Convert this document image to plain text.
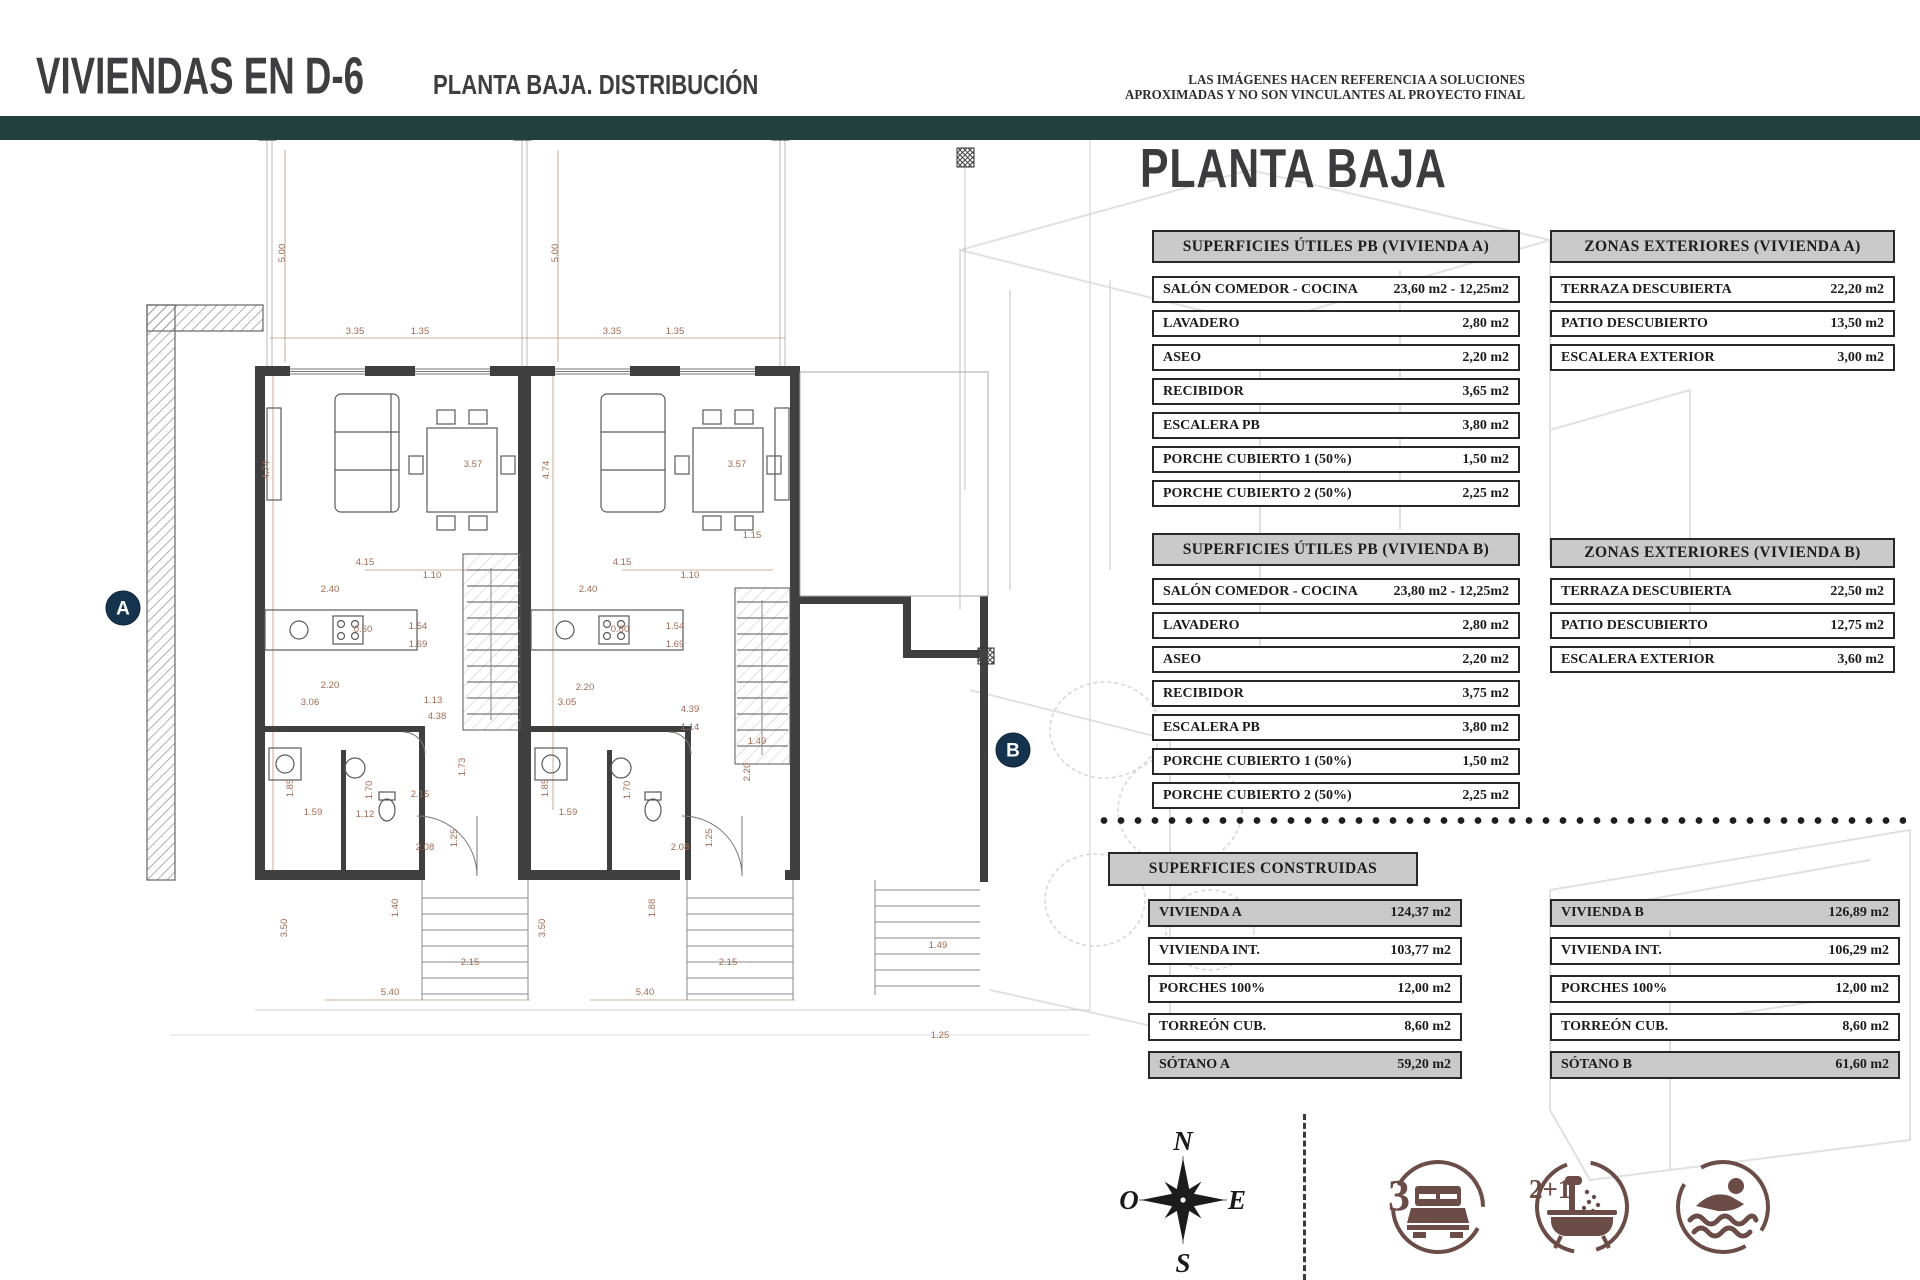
5.00
3.35	1.35
4.74	3.57
4.15
1.10
2.40
0.60	1.54
1.69
2.20
3.06	1.13
4.38
1.73
1.85	1.70	2.15
1.59	1.12
2.08
1.25
1.40
3.50
2.15
5.40
5.00
3.35	1.35
4.74	3.57
1.15
4.15
1.10
2.40
0.60	1.54
1.69
2.20
3.05
4.39
1.14
1.49
2.20
1.85	1.70
1.59
2.08
1.25
1.88
3.50
2.15
5.40
1.49
1.25
A
B
VIVIENDAS EN D-6	PLANTA BAJA. DISTRIBUCIÓN	LAS IMÁGENES HACEN REFERENCIA A SOLUCIONES
APROXIMADAS Y NO SON VINCULANTES AL PROYECTO FINAL
PLANTA BAJA
SUPERFICIES ÚTILES PB (VIVIENDA A)
SALÓN COMEDOR - COCINA	23,60 m2 - 12,25m2
LAVADERO	2,80 m2
ASEO	2,20 m2
RECIBIDOR	3,65 m2
ESCALERA PB	3,80 m2
PORCHE CUBIERTO 1 (50%)	1,50 m2
PORCHE CUBIERTO 2 (50%)	2,25 m2
ZONAS EXTERIORES (VIVIENDA A)
TERRAZA DESCUBIERTA	22,20 m2
PATIO DESCUBIERTO	13,50 m2
ESCALERA EXTERIOR	3,00 m2
SUPERFICIES ÚTILES PB (VIVIENDA B)
SALÓN COMEDOR - COCINA	23,80 m2 - 12,25m2
LAVADERO	2,80 m2
ASEO	2,20 m2
RECIBIDOR	3,75 m2
ESCALERA PB	3,80 m2
PORCHE CUBIERTO 1 (50%)	1,50 m2
PORCHE CUBIERTO 2 (50%)	2,25 m2
ZONAS EXTERIORES (VIVIENDA B)
TERRAZA DESCUBIERTA	22,50 m2
PATIO DESCUBIERTO	12,75 m2
ESCALERA EXTERIOR	3,60 m2
SUPERFICIES CONSTRUIDAS
VIVIENDA A	124,37 m2
VIVIENDA INT.	103,77 m2
PORCHES 100%	12,00 m2
TORREÓN CUB.	8,60 m2
SÓTANO A	59,20 m2
VIVIENDA B	126,89 m2
VIVIENDA INT.	106,29 m2
PORCHES 100%	12,00 m2
TORREÓN CUB.	8,60 m2
SÓTANO B	61,60 m2
N
S
E
O	3	2+1
